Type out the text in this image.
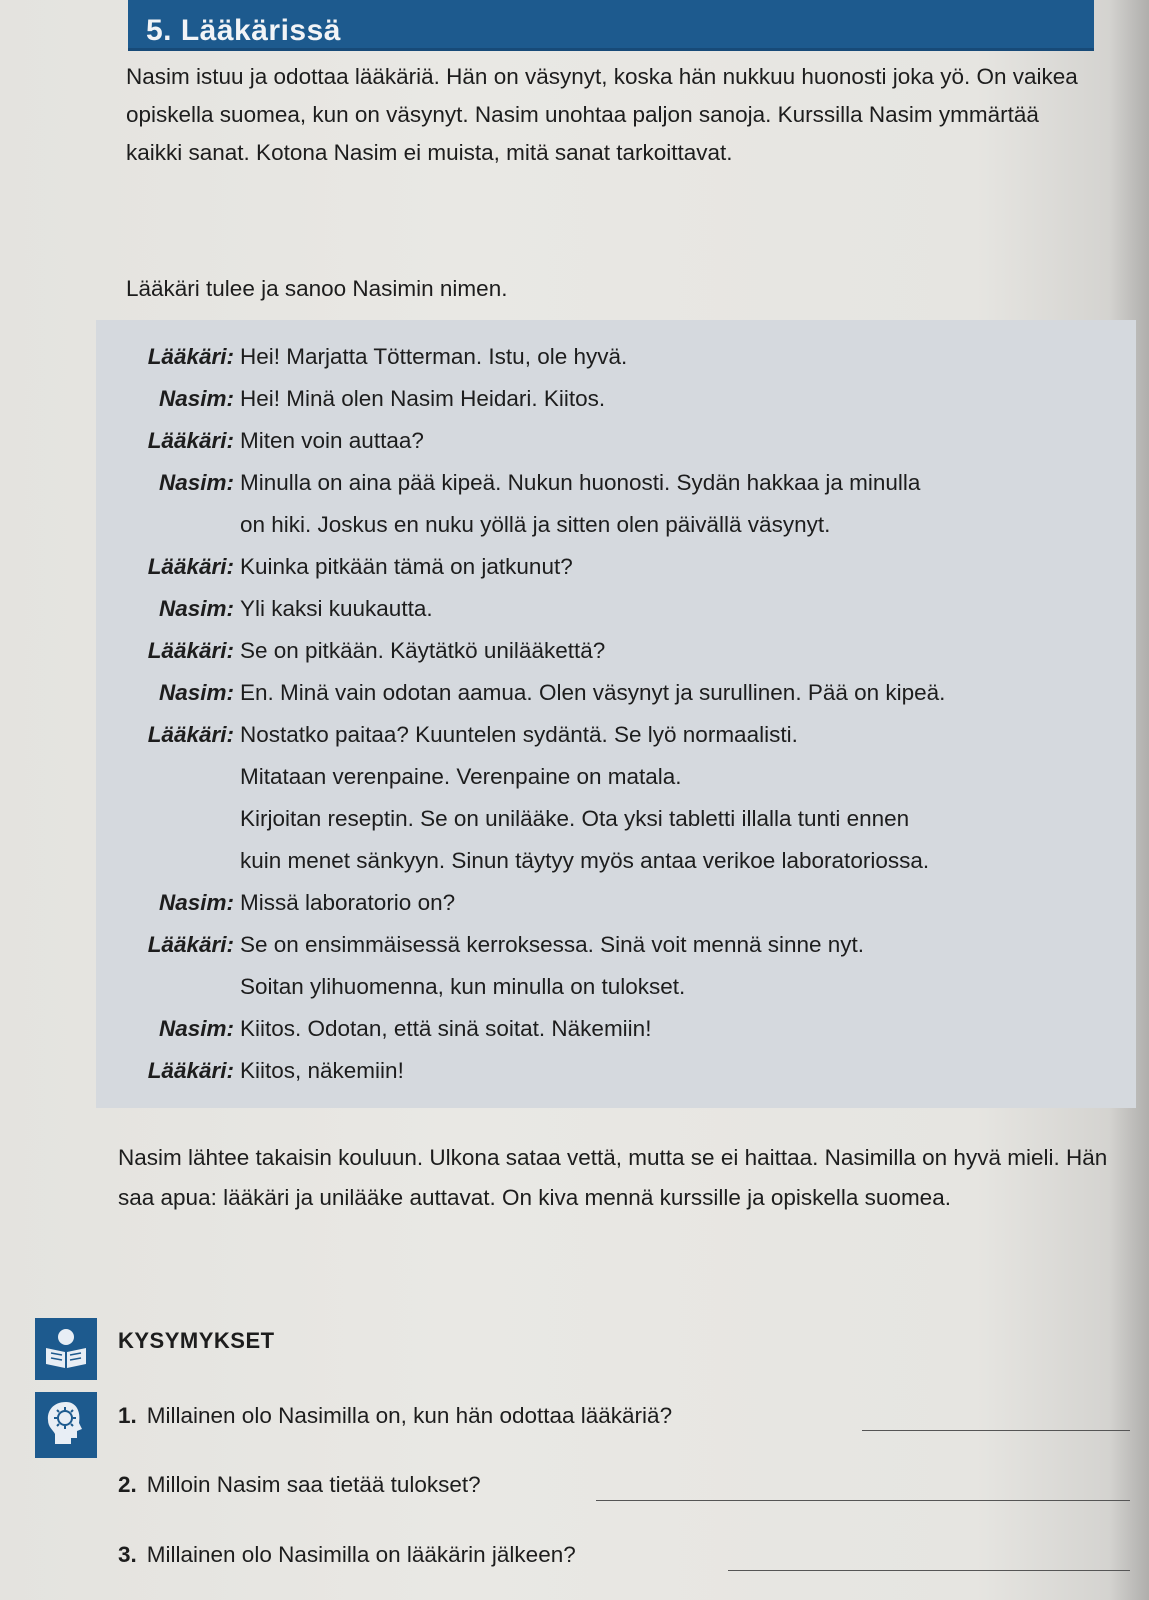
5. Lääkärissä

Nasim istuu ja odottaa lääkäriä. Hän on väsynyt, koska hän nukkuu huonosti joka yö. On vaikea opiskella suomea, kun on väsynyt. Nasim unohtaa paljon sanoja. Kurssilla Nasim ymmärtää kaikki sanat. Kotona Nasim ei muista, mitä sanat tarkoittavat.

Lääkäri tulee ja sanoo Nasimin nimen.

Lääkäri: Hei! Marjatta Tötterman. Istu, ole hyvä.
Nasim: Hei! Minä olen Nasim Heidari. Kiitos.
Lääkäri: Miten voin auttaa?
Nasim: Minulla on aina pää kipeä. Nukun huonosti. Sydän hakkaa ja minulla
on hiki. Joskus en nuku yöllä ja sitten olen päivällä väsynyt.
Lääkäri: Kuinka pitkään tämä on jatkunut?
Nasim: Yli kaksi kuukautta.
Lääkäri: Se on pitkään. Käytätkö unilääkettä?
Nasim: En. Minä vain odotan aamua. Olen väsynyt ja surullinen. Pää on kipeä.
Lääkäri: Nostatko paitaa? Kuuntelen sydäntä. Se lyö normaalisti.
Mitataan verenpaine. Verenpaine on matala.
Kirjoitan reseptin. Se on unilääke. Ota yksi tabletti illalla tunti ennen
kuin menet sänkyyn. Sinun täytyy myös antaa verikoe laboratoriossa.
Nasim: Missä laboratorio on?
Lääkäri: Se on ensimmäisessä kerroksessa. Sinä voit mennä sinne nyt.
Soitan ylihuomenna, kun minulla on tulokset.
Nasim: Kiitos. Odotan, että sinä soitat. Näkemiin!
Lääkäri: Kiitos, näkemiin!

Nasim lähtee takaisin kouluun. Ulkona sataa vettä, mutta se ei haittaa. Nasimilla on hyvä mieli. Hän saa apua: lääkäri ja unilääke auttavat. On kiva mennä kurssille ja opiskella suomea.

KYSYMYKSET
1. Millainen olo Nasimilla on, kun hän odottaa lääkäriä?
2. Milloin Nasim saa tietää tulokset?
3. Millainen olo Nasimilla on lääkärin jälkeen?
